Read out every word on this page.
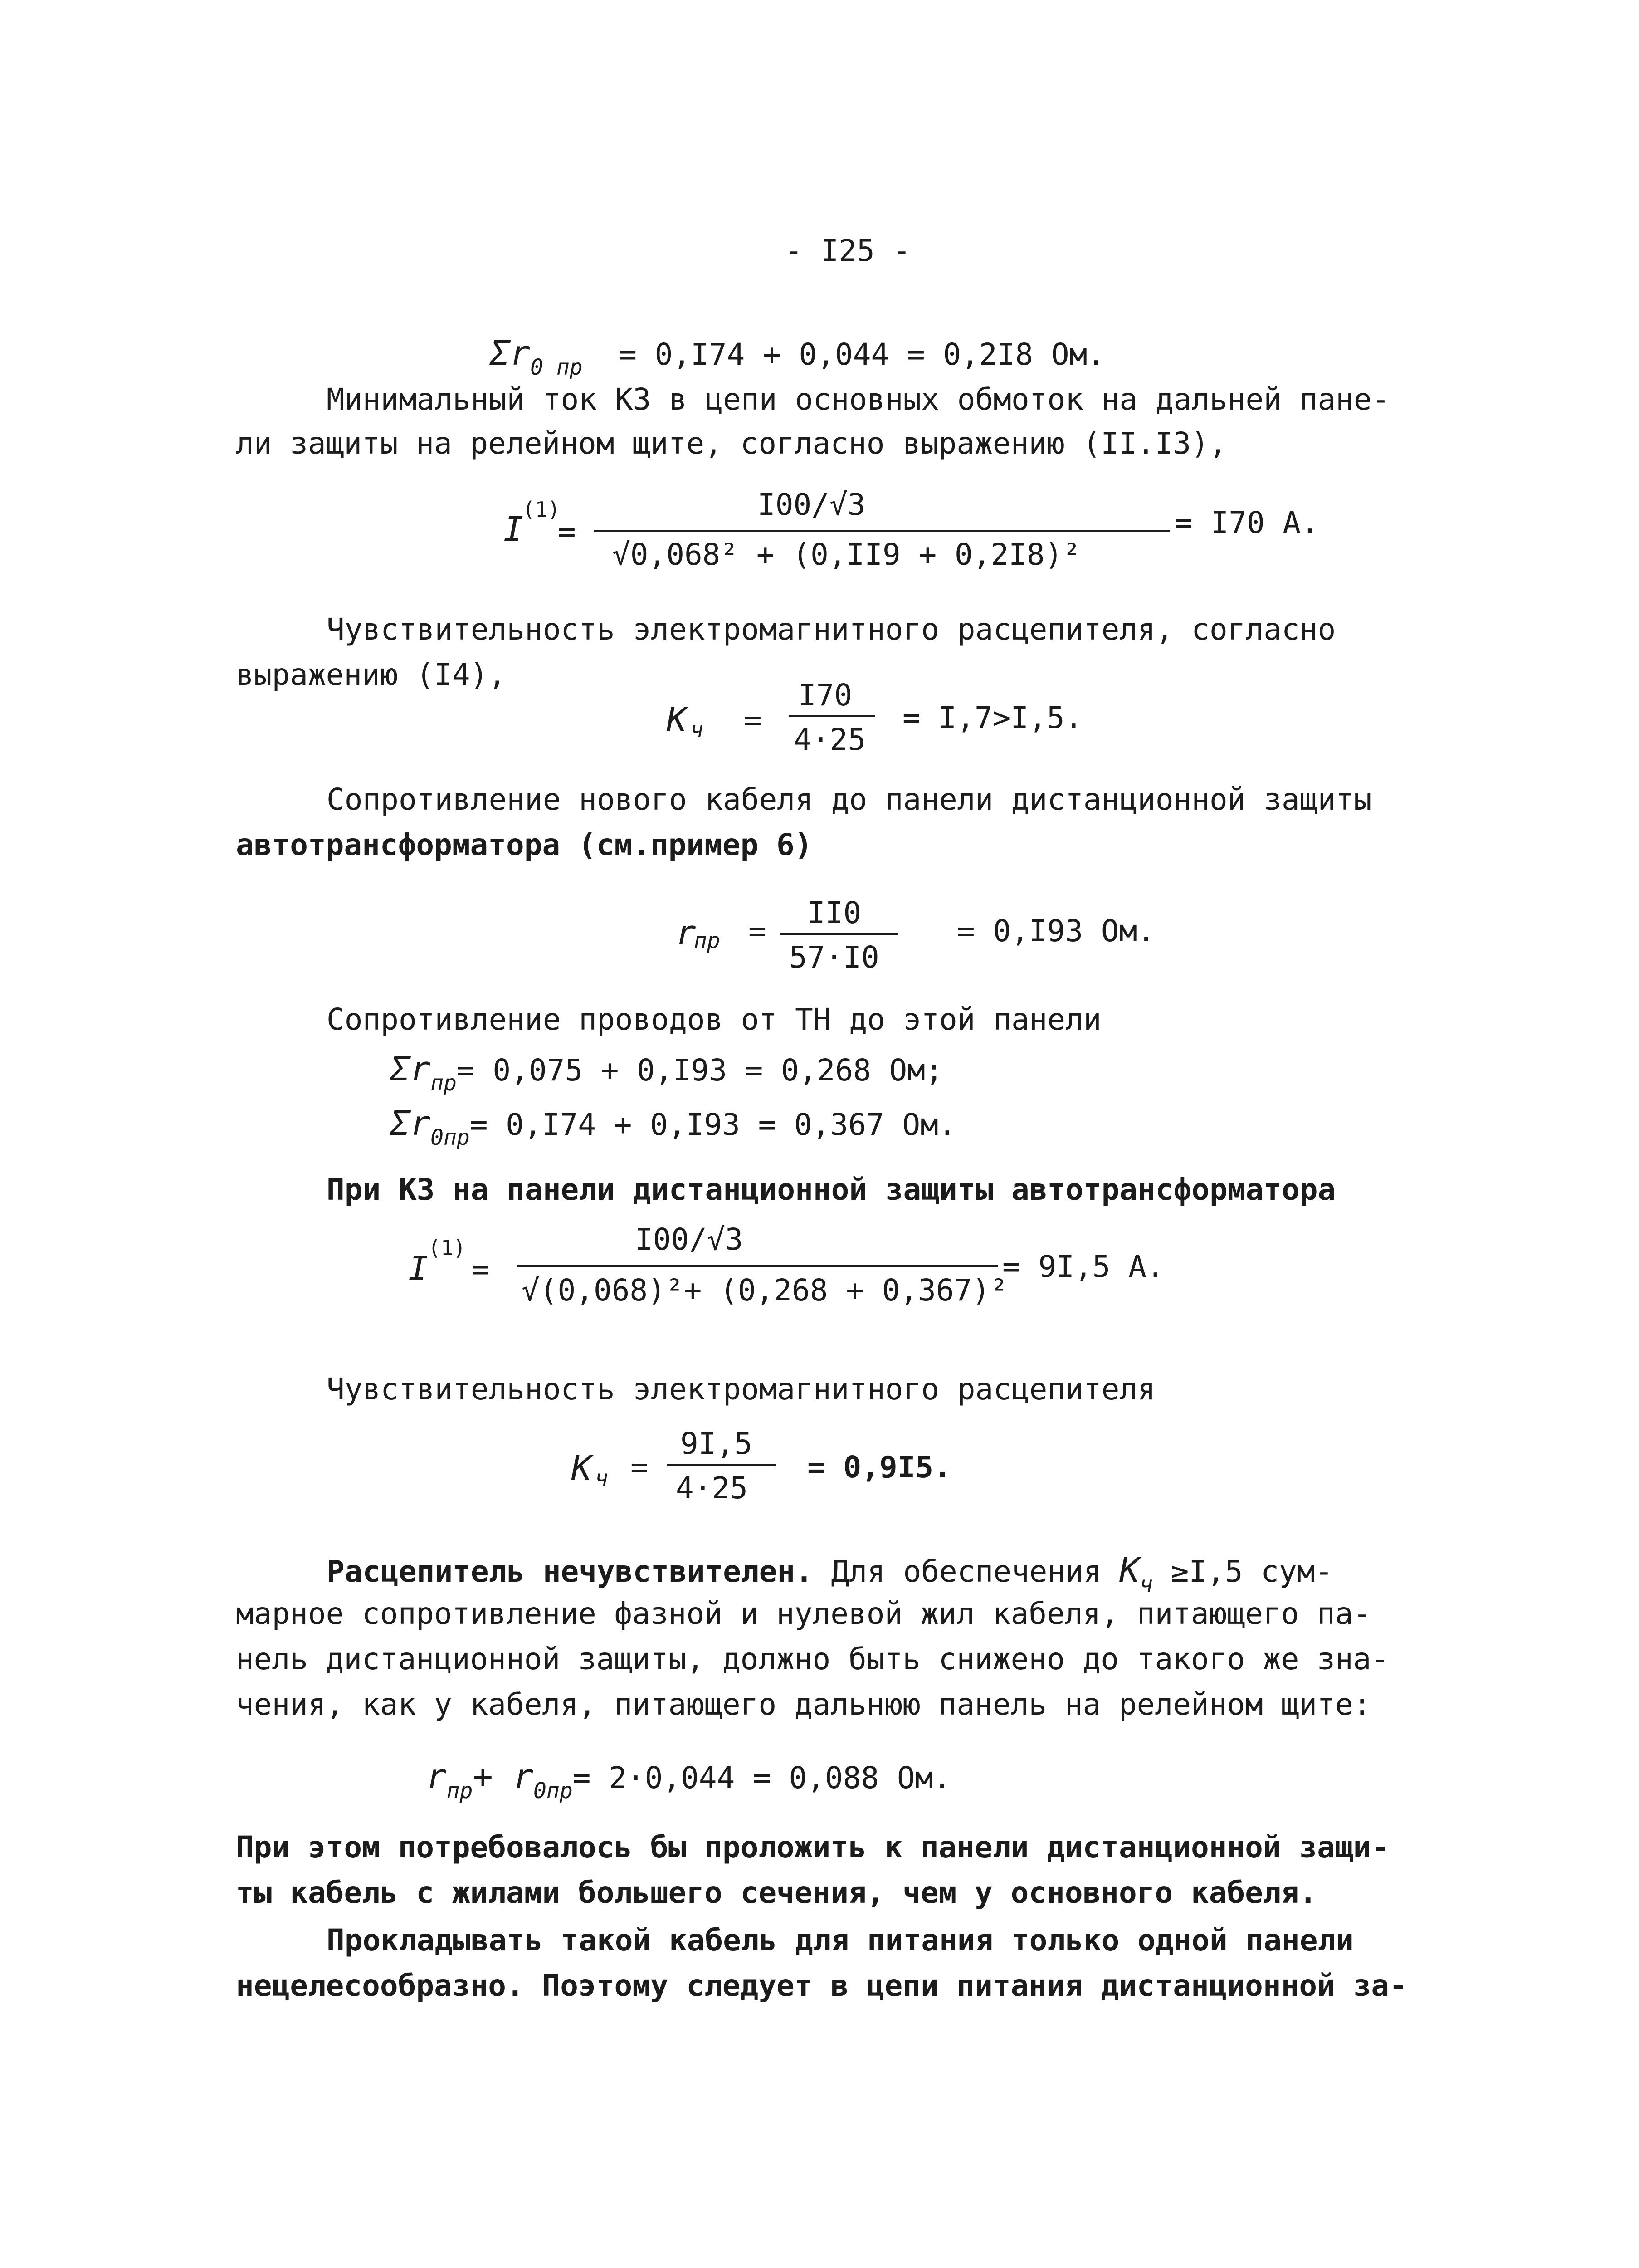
- I25 -
$\Sigma r_{0 пр} = 0,I74 + 0,044 = 0,2I8$ Ом.
Минимальный ток КЗ в цепи основных обмоток на дальней пане-
ли защиты на релейном щите, согласно выражению (II.I3),
I
(1)
=
I00/√3
√0,068² + (0,II9 + 0,2I8)²
= I70 А.
Чувствительность электромагнитного расцепителя, согласно
выражению (I4),
K ч =
I70
4·25
= I,7>I,5.
Сопротивление нового кабеля до панели дистанционной защиты
автотрансформатора (см.пример 6)
r
пр =
II0
57·I0
= 0,I93 Ом.
Сопротивление проводов от ТН до этой панели
$\Sigma r_{пр}= 0,075 + 0,I93 = 0,268$ Ом;
$\Sigma r_{0пр}= 0,I74 + 0,I93 = 0,367$ Ом.
При КЗ на панели дистанционной защиты автотрансформатора
I
(1)
=
I00/√3
√(0,068)²+ (0,268 + 0,367)²
= 9I,5 А.
Чувствительность электромагнитного расцепителя
K ч =
9I,5
4·25
= 0,9I5.
Расцепитель нечувствителен. Для обеспечения $K_ч \ge I,5$ сум-
марное сопротивление фазной и нулевой жил кабеля, питающего па-
нель дистанционной защиты, должно быть снижено до такого же зна-
чения, как у кабеля, питающего дальнюю панель на релейном щите:
$r_{пр}+ r_{0пр}= 2\cdot 0,044 = 0,088$ Ом.
При этом потребовалось бы проложить к панели дистанционной защи-
ты кабель с жилами большего сечения, чем у основного кабеля.
Прокладывать такой кабель для питания только одной панели
нецелесообразно. Поэтому следует в цепи питания дистанционной за-
